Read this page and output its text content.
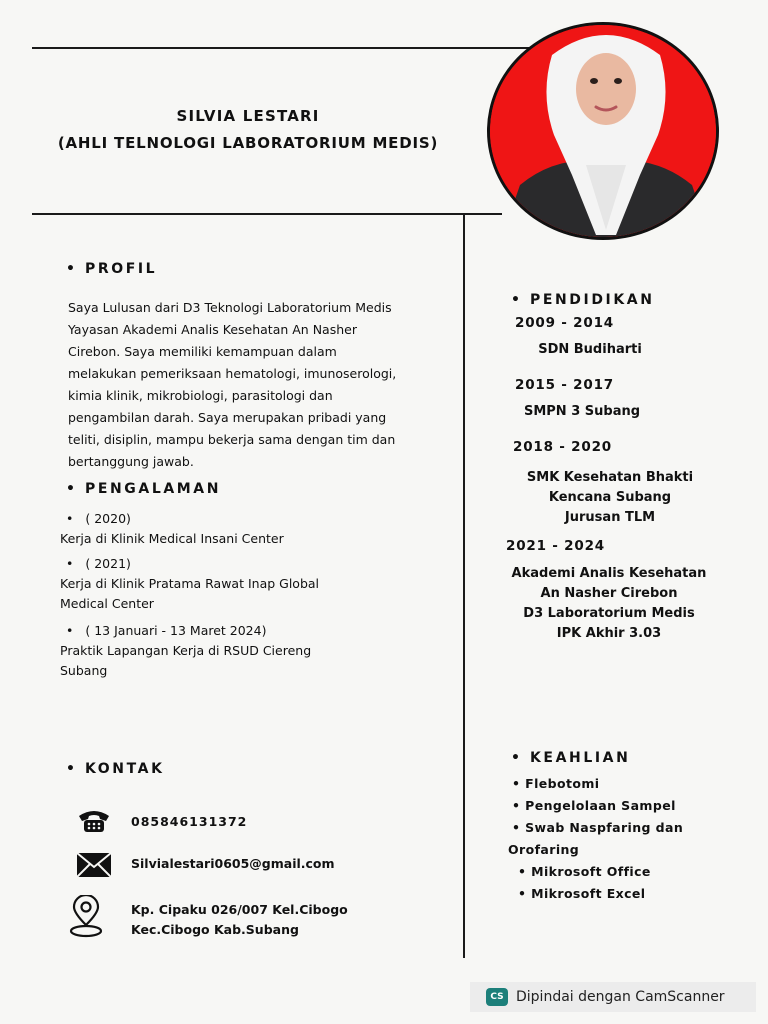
SILVIA LESTARI
(AHLI TELNOLOGI LABORATORIUM MEDIS)
• PROFIL
Saya Lulusan dari D3 Teknologi Laboratorium Medis
Yayasan Akademi Analis Kesehatan An Nasher
Cirebon. Saya memiliki kemampuan dalam
melakukan pemeriksaan hematologi, imunoserologi,
kimia klinik, mikrobiologi, parasitologi dan
pengambilan darah. Saya merupakan pribadi yang
teliti, disiplin, mampu bekerja sama dengan tim dan
bertanggung jawab.
• PENGALAMAN
• ( 2020)
Kerja di Klinik Medical Insani Center
• ( 2021)
Kerja di Klinik Pratama Rawat Inap Global
Medical Center
• ( 13 Januari - 13 Maret 2024)
Praktik Lapangan Kerja di RSUD Ciereng
Subang
• KONTAK
085846131372
Silvialestari0605@gmail.com
Kp. Cipaku 026/007 Kel.Cibogo
Kec.Cibogo Kab.Subang
• PENDIDIKAN
2009 - 2014
SDN Budiharti
2015 - 2017
SMPN 3 Subang
2018 - 2020
SMK Kesehatan Bhakti
Kencana Subang
Jurusan TLM
2021 - 2024
Akademi Analis Kesehatan
An Nasher Cirebon
D3 Laboratorium Medis
IPK Akhir 3.03
• KEAHLIAN
• Flebotomi
• Pengelolaan Sampel
• Swab Naspfaring dan
Orofaring
• Mikrosoft Office
• Mikrosoft Excel
CS Dipindai dengan CamScanner
